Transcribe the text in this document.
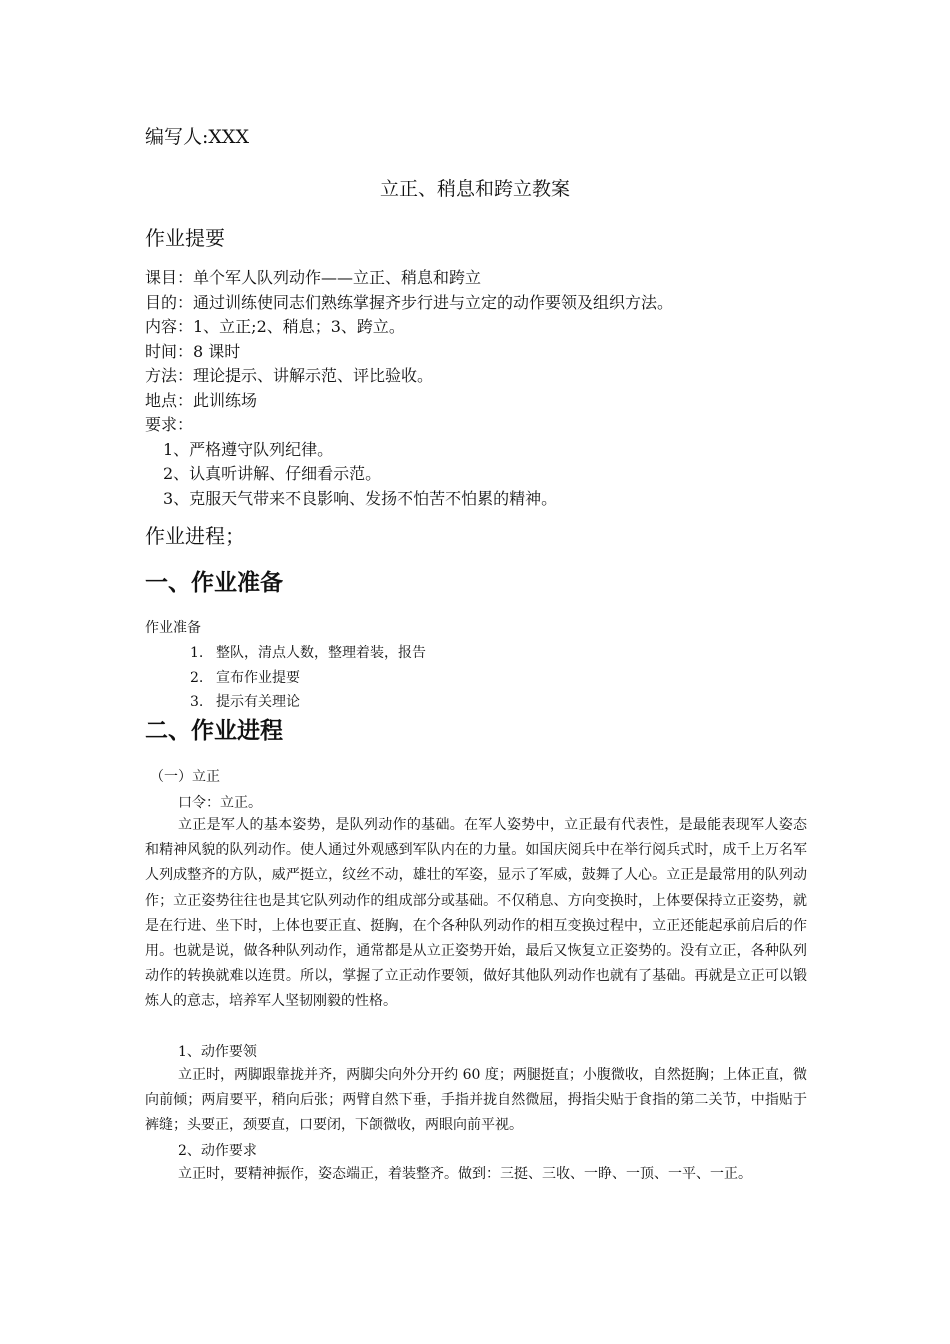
编写人:XXX
立正、稍息和跨立教案
作业提要
课目：单个军人队列动作——立正、稍息和跨立
目的：通过训练使同志们熟练掌握齐步行进与立定的动作要领及组织方法。
内容：1、立正;2、稍息；3、跨立。
时间：8 课时
方法：理论提示、讲解示范、评比验收。
地点：此训练场
要求：
1、严格遵守队列纪律。
2、认真听讲解、仔细看示范。
3、克服天气带来不良影响、发扬不怕苦不怕累的精神。
作业进程；
一、作业准备
作业准备
1. 整队，清点人数，整理着装，报告
2. 宣布作业提要
3. 提示有关理论
二、作业进程
（一）立正
口令：立正。
立正是军人的基本姿势，是队列动作的基础。在军人姿势中，立正最有代表性，是最能表现军人姿态和精神风貌的队列动作。使人通过外观感到军队内在的力量。如国庆阅兵中在举行阅兵式时，成千上万名军人列成整齐的方队，威严挺立，纹丝不动，雄壮的军姿，显示了军威，鼓舞了人心。立正是最常用的队列动作；立正姿势往往也是其它队列动作的组成部分或基础。不仅稍息、方向变换时，上体要保持立正姿势，就是在行进、坐下时，上体也要正直、挺胸，在个各种队列动作的相互变换过程中，立正还能起承前启后的作用。也就是说，做各种队列动作，通常都是从立正姿势开始，最后又恢复立正姿势的。没有立正，各种队列动作的转换就难以连贯。所以，掌握了立正动作要领，做好其他队列动作也就有了基础。再就是立正可以锻炼人的意志，培养军人坚韧刚毅的性格。
1、动作要领
立正时，两脚跟靠拢并齐，两脚尖向外分开约 60 度；两腿挺直；小腹微收，自然挺胸；上体正直，微向前倾；两肩要平，稍向后张；两臂自然下垂，手指并拢自然微屈，拇指尖贴于食指的第二关节，中指贴于裤缝；头要正，颈要直，口要闭，下颌微收，两眼向前平视。
2、动作要求
立正时，要精神振作，姿态端正，着装整齐。做到：三挺、三收、一睁、一顶、一平、一正。
